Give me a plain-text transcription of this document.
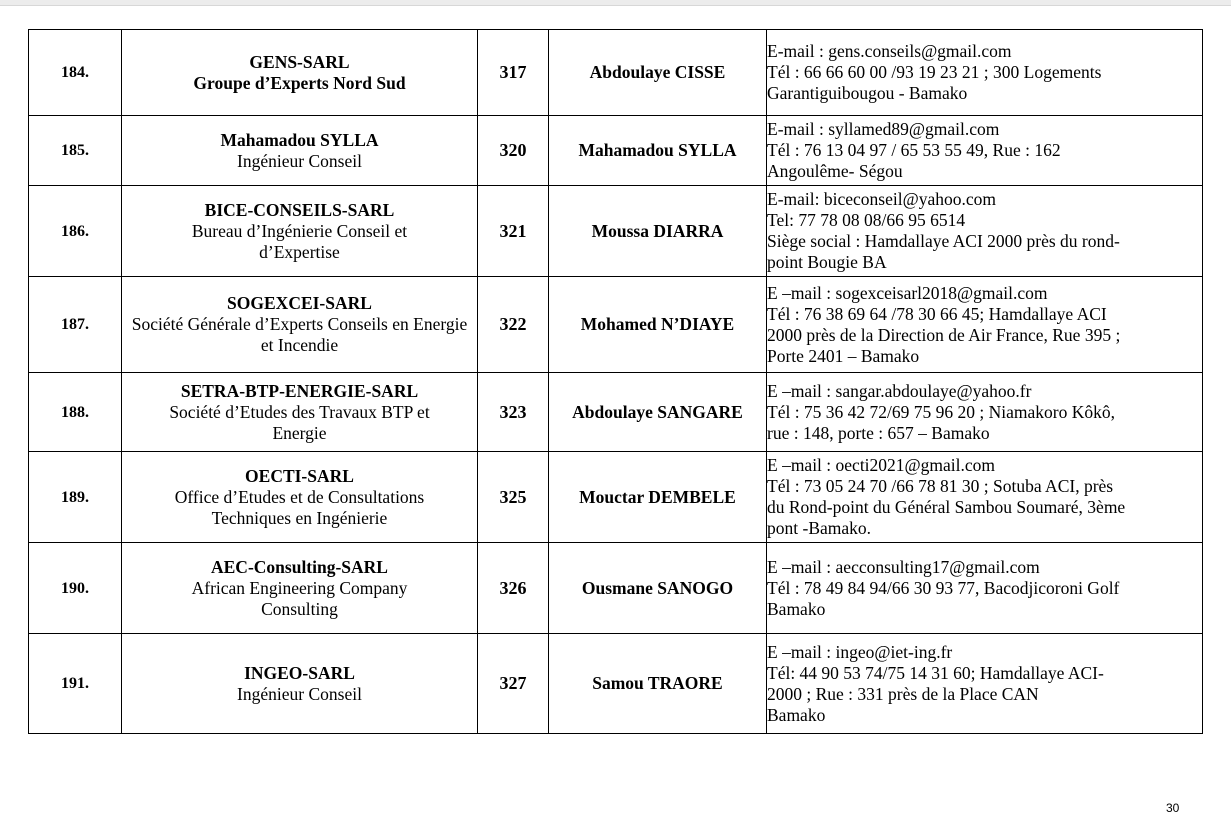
184.	GENS-SARL
Groupe d’Experts Nord Sud	317	Abdoulaye CISSE	E-mail : gens.conseils@gmail.com
Tél : 66 66 60 00 /93 19 23 21 ; 300 Logements
Garantiguibougou - Bamako

185.	Mahamadou SYLLA
Ingénieur Conseil	320	Mahamadou SYLLA	E-mail : syllamed89@gmail.com
Tél : 76 13 04 97 / 65 53 55 49, Rue : 162
Angoulême- Ségou

186.	BICE-CONSEILS-SARL
Bureau d’Ingénierie Conseil et d’Expertise	321	Moussa DIARRA	E-mail: biceconseil@yahoo.com
Tel: 77 78 08 08/66 95 6514
Siège social : Hamdallaye ACI 2000 près du rond-
point Bougie BA

187.	SOGEXCEI-SARL
Société Générale d’Experts Conseils en Energie et Incendie	322	Mohamed N’DIAYE	E –mail : sogexceisarl2018@gmail.com
Tél : 76 38 69 64 /78 30 66 45; Hamdallaye ACI
2000 près de la Direction de Air France, Rue 395 ;
Porte 2401 – Bamako

188.	SETRA-BTP-ENERGIE-SARL
Société d’Etudes des Travaux BTP et Energie	323	Abdoulaye SANGARE	E –mail : sangar.abdoulaye@yahoo.fr
Tél : 75 36 42 72/69 75 96 20 ; Niamakoro Kôkô,
rue : 148, porte : 657 – Bamako

189.	OECTI-SARL
Office d’Etudes et de Consultations Techniques en Ingénierie	325	Mouctar DEMBELE	E –mail : oecti2021@gmail.com
Tél : 73 05 24 70 /66 78 81 30 ; Sotuba ACI, près
du Rond-point du Général Sambou Soumaré, 3ème
pont -Bamako.

190.	AEC-Consulting-SARL
African Engineering Company Consulting	326	Ousmane SANOGO	E –mail : aecconsulting17@gmail.com
Tél : 78 49 84 94/66 30 93 77, Bacodjicoroni Golf
Bamako

191.	INGEO-SARL
Ingénieur Conseil	327	Samou TRAORE	E –mail : ingeo@iet-ing.fr
Tél: 44 90 53 74/75 14 31 60; Hamdallaye ACI-
2000 ; Rue : 331 près de la Place CAN
Bamako
30
